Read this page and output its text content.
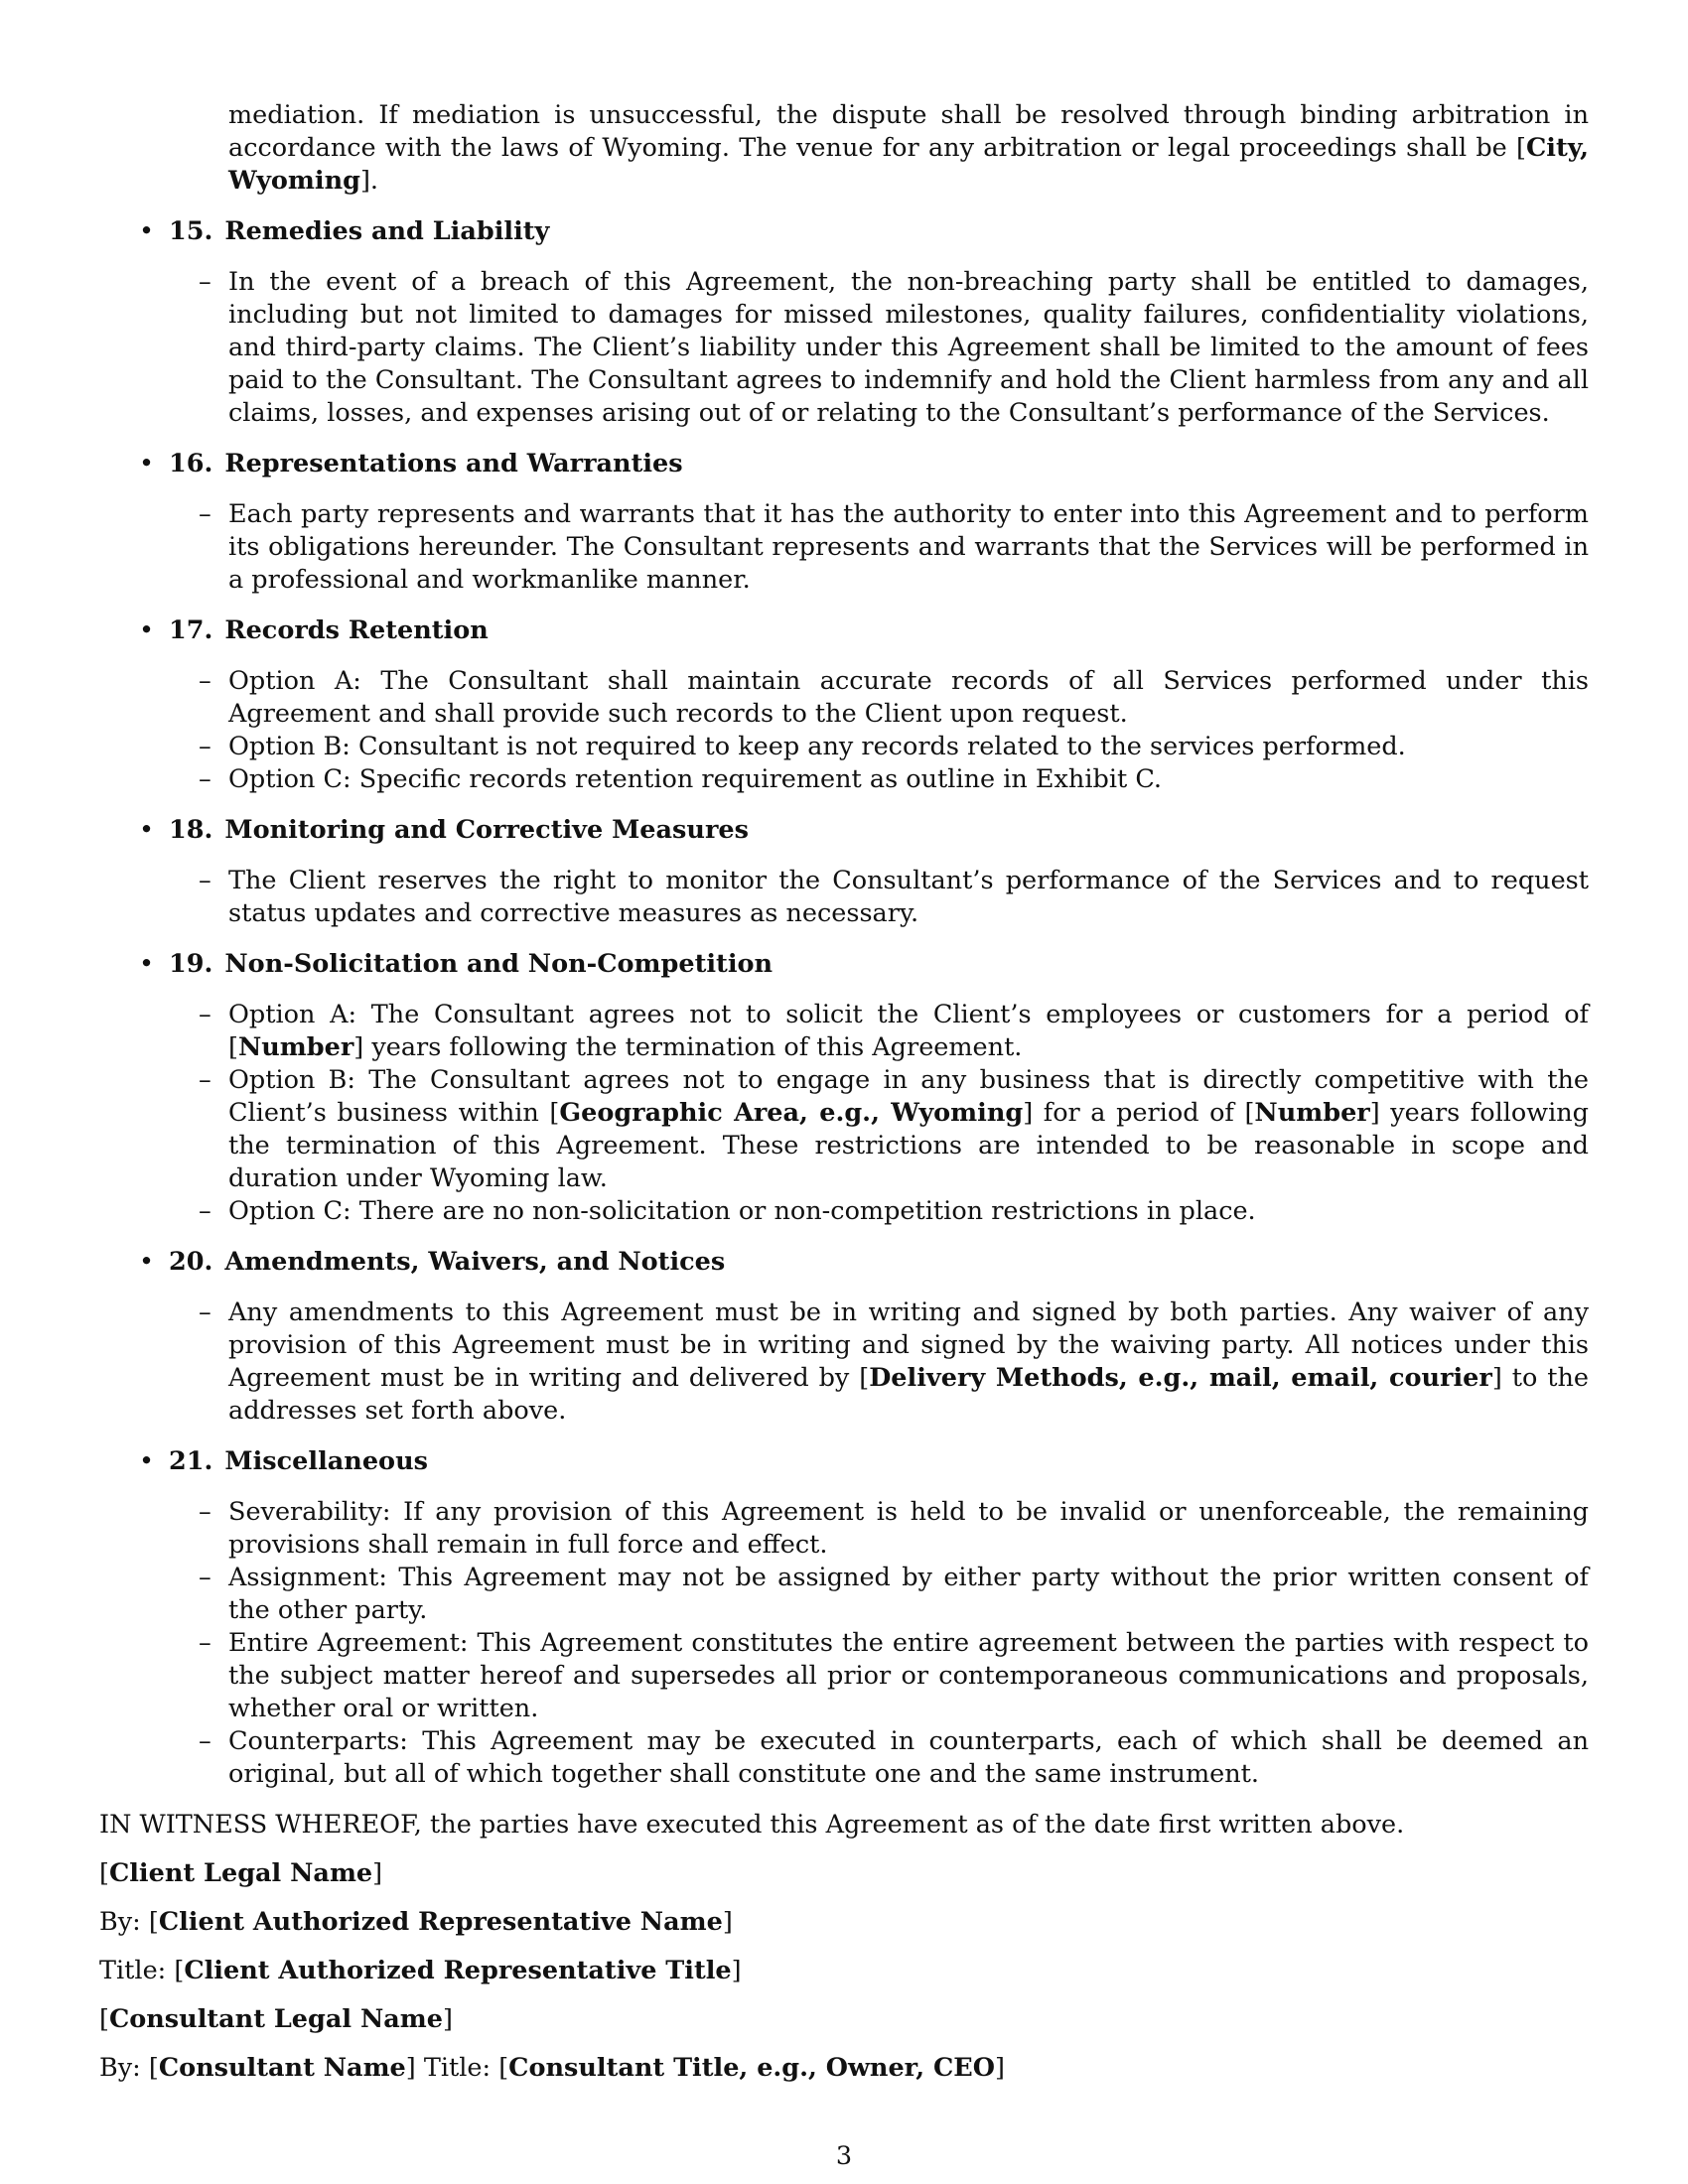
mediation. If mediation is unsuccessful, the dispute shall be resolved through binding arbitration in accordance with the laws of Wyoming. The venue for any arbitration or legal proceedings shall be [City, Wyoming].

• 15. Remedies and Liability

– In the event of a breach of this Agreement, the non-breaching party shall be entitled to damages, including but not limited to damages for missed milestones, quality failures, confidentiality violations, and third-party claims. The Client’s liability under this Agreement shall be limited to the amount of fees paid to the Consultant. The Consultant agrees to indemnify and hold the Client harmless from any and all claims, losses, and expenses arising out of or relating to the Consultant’s performance of the Services.

• 16. Representations and Warranties

– Each party represents and warrants that it has the authority to enter into this Agreement and to perform its obligations hereunder. The Consultant represents and warrants that the Services will be performed in a professional and workmanlike manner.

• 17. Records Retention

– Option A: The Consultant shall maintain accurate records of all Services performed under this Agreement and shall provide such records to the Client upon request.

– Option B: Consultant is not required to keep any records related to the services performed.

– Option C: Specific records retention requirement as outline in Exhibit C.

• 18. Monitoring and Corrective Measures

– The Client reserves the right to monitor the Consultant’s performance of the Services and to request status updates and corrective measures as necessary.

• 19. Non-Solicitation and Non-Competition

– Option A: The Consultant agrees not to solicit the Client’s employees or customers for a period of [Number] years following the termination of this Agreement.

– Option B: The Consultant agrees not to engage in any business that is directly competitive with the Client’s business within [Geographic Area, e.g., Wyoming] for a period of [Number] years following the termination of this Agreement. These restrictions are intended to be reasonable in scope and duration under Wyoming law.

– Option C: There are no non-solicitation or non-competition restrictions in place.

• 20. Amendments, Waivers, and Notices

– Any amendments to this Agreement must be in writing and signed by both parties. Any waiver of any provision of this Agreement must be in writing and signed by the waiving party. All notices under this Agreement must be in writing and delivered by [Delivery Methods, e.g., mail, email, courier] to the addresses set forth above.

• 21. Miscellaneous

– Severability: If any provision of this Agreement is held to be invalid or unenforceable, the remaining provisions shall remain in full force and effect.

– Assignment: This Agreement may not be assigned by either party without the prior written consent of the other party.

– Entire Agreement: This Agreement constitutes the entire agreement between the parties with respect to the subject matter hereof and supersedes all prior or contemporaneous communications and proposals, whether oral or written.

– Counterparts: This Agreement may be executed in counterparts, each of which shall be deemed an original, but all of which together shall constitute one and the same instrument.

IN WITNESS WHEREOF, the parties have executed this Agreement as of the date first written above.

[Client Legal Name]

By: [Client Authorized Representative Name]

Title: [Client Authorized Representative Title]

[Consultant Legal Name]

By: [Consultant Name] Title: [Consultant Title, e.g., Owner, CEO]

3
